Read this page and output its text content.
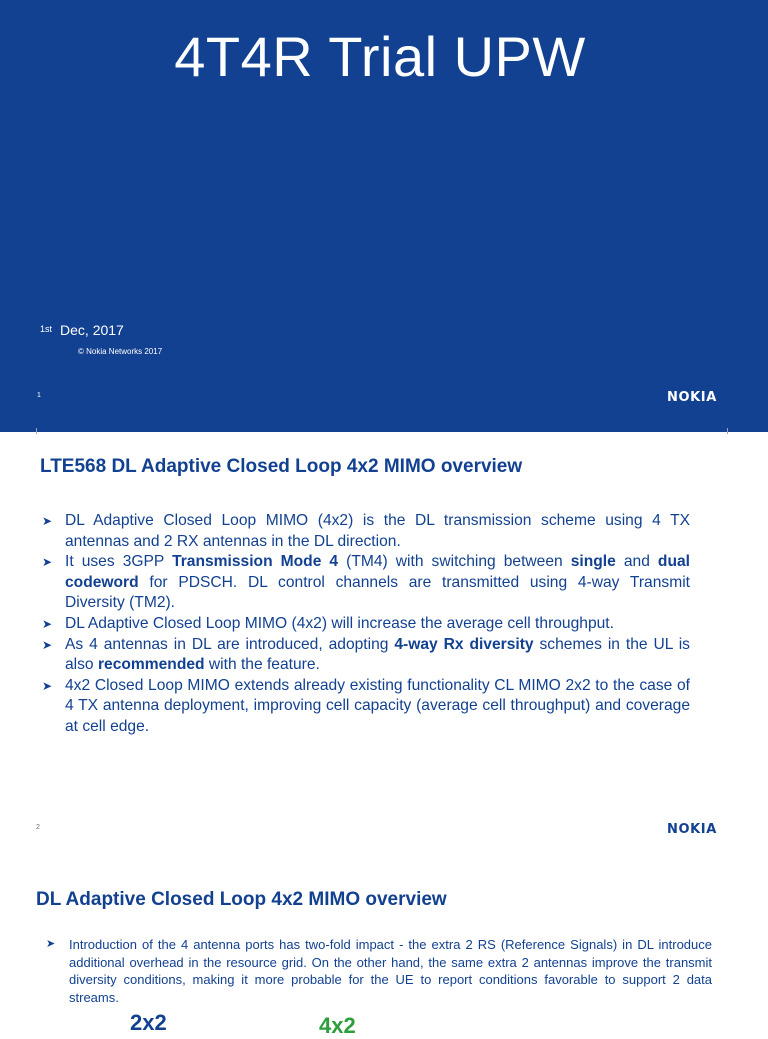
4T4R Trial UPW
$^{1st}$ Dec, 2017
© Nokia Networks 2017
1	NOKIA
LTE568 DL Adaptive Closed Loop 4x2 MIMO overview
➤ DL Adaptive Closed Loop MIMO (4x2) is the DL transmission scheme using 4 TX antennas and 2 RX antennas in the DL direction.
➤ It uses 3GPP Transmission Mode 4 (TM4) with switching between single and dual codeword for PDSCH. DL control channels are transmitted using 4-way Transmit Diversity (TM2).
➤ DL Adaptive Closed Loop MIMO (4x2) will increase the average cell throughput.
➤ As 4 antennas in DL are introduced, adopting 4-way Rx diversity schemes in the UL is also recommended with the feature.
➤ 4x2 Closed Loop MIMO extends already existing functionality CL MIMO 2x2 to the case of 4 TX antenna deployment, improving cell capacity (average cell throughput) and coverage at cell edge.
2	NOKIA
DL Adaptive Closed Loop 4x2 MIMO overview
➤ Introduction of the 4 antenna ports has two-fold impact - the extra 2 RS (Reference Signals) in DL introduce additional overhead in the resource grid. On the other hand, the same extra 2 antennas improve the transmit diversity conditions, making it more probable for the UE to report conditions favorable to support 2 data streams.
2x2	4x2
